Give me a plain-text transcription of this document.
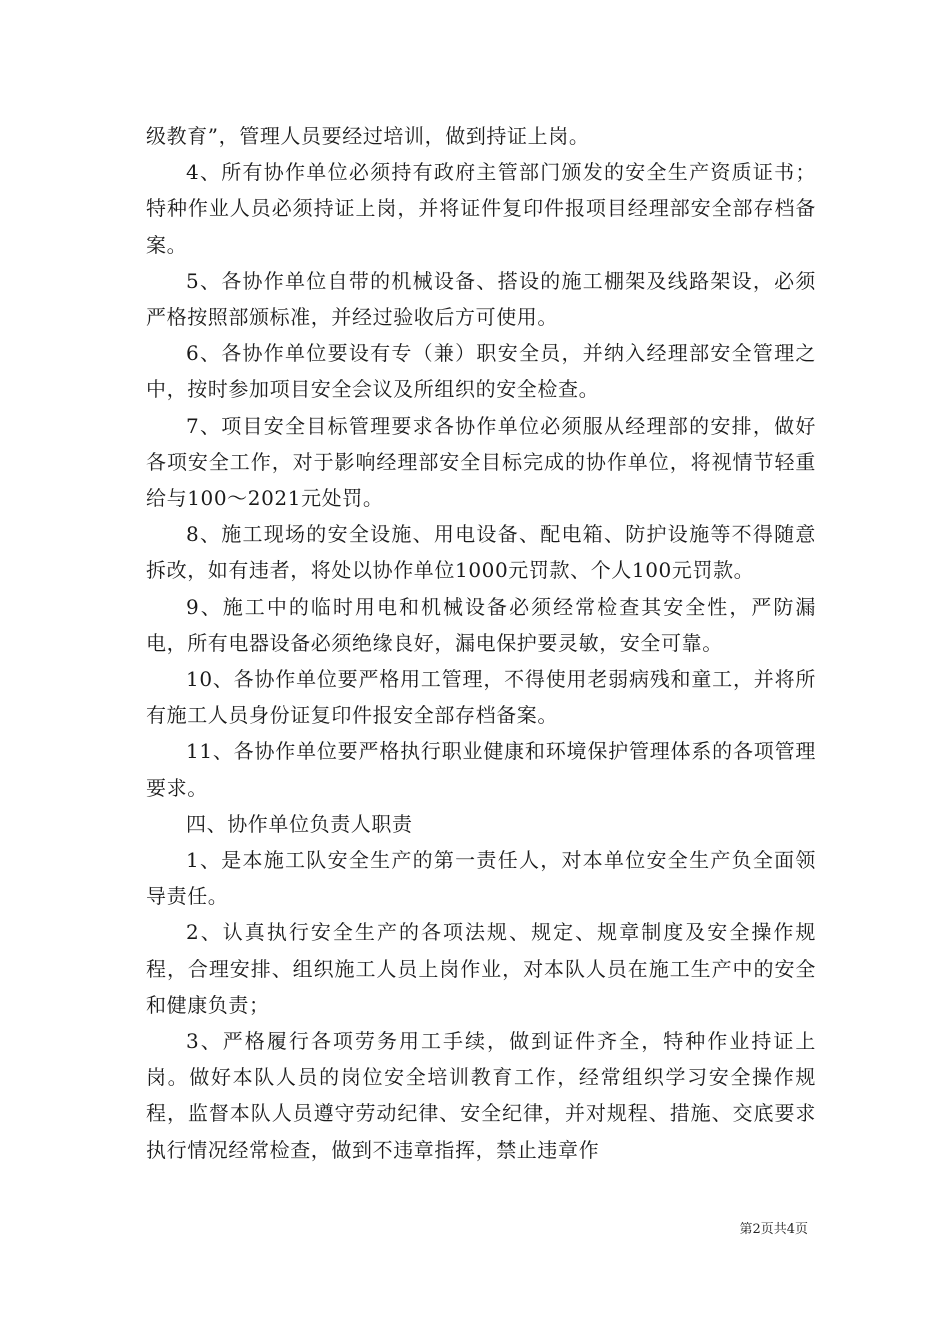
级教育”，管理人员要经过培训，做到持证上岗。

4、所有协作单位必须持有政府主管部门颁发的安全生产资质证书；特种作业人员必须持证上岗，并将证件复印件报项目经理部安全部存档备案。

5、各协作单位自带的机械设备、搭设的施工棚架及线路架设，必须严格按照部颁标准，并经过验收后方可使用。

6、各协作单位要设有专（兼）职安全员，并纳入经理部安全管理之中，按时参加项目安全会议及所组织的安全检查。

7、项目安全目标管理要求各协作单位必须服从经理部的安排，做好各项安全工作，对于影响经理部安全目标完成的协作单位，将视情节轻重给与100～2021元处罚。

8、施工现场的安全设施、用电设备、配电箱、防护设施等不得随意拆改，如有违者，将处以协作单位1000元罚款、个人100元罚款。

9、施工中的临时用电和机械设备必须经常检查其安全性，严防漏电，所有电器设备必须绝缘良好，漏电保护要灵敏，安全可靠。

10、各协作单位要严格用工管理，不得使用老弱病残和童工，并将所有施工人员身份证复印件报安全部存档备案。

11、各协作单位要严格执行职业健康和环境保护管理体系的各项管理要求。

四、协作单位负责人职责

1、是本施工队安全生产的第一责任人，对本单位安全生产负全面领导责任。

2、认真执行安全生产的各项法规、规定、规章制度及安全操作规程，合理安排、组织施工人员上岗作业，对本队人员在施工生产中的安全和健康负责；

3、严格履行各项劳务用工手续，做到证件齐全，特种作业持证上岗。做好本队人员的岗位安全培训教育工作，经常组织学习安全操作规程，监督本队人员遵守劳动纪律、安全纪律，并对规程、措施、交底要求执行情况经常检查，做到不违章指挥，禁止违章作

第2页共4页
